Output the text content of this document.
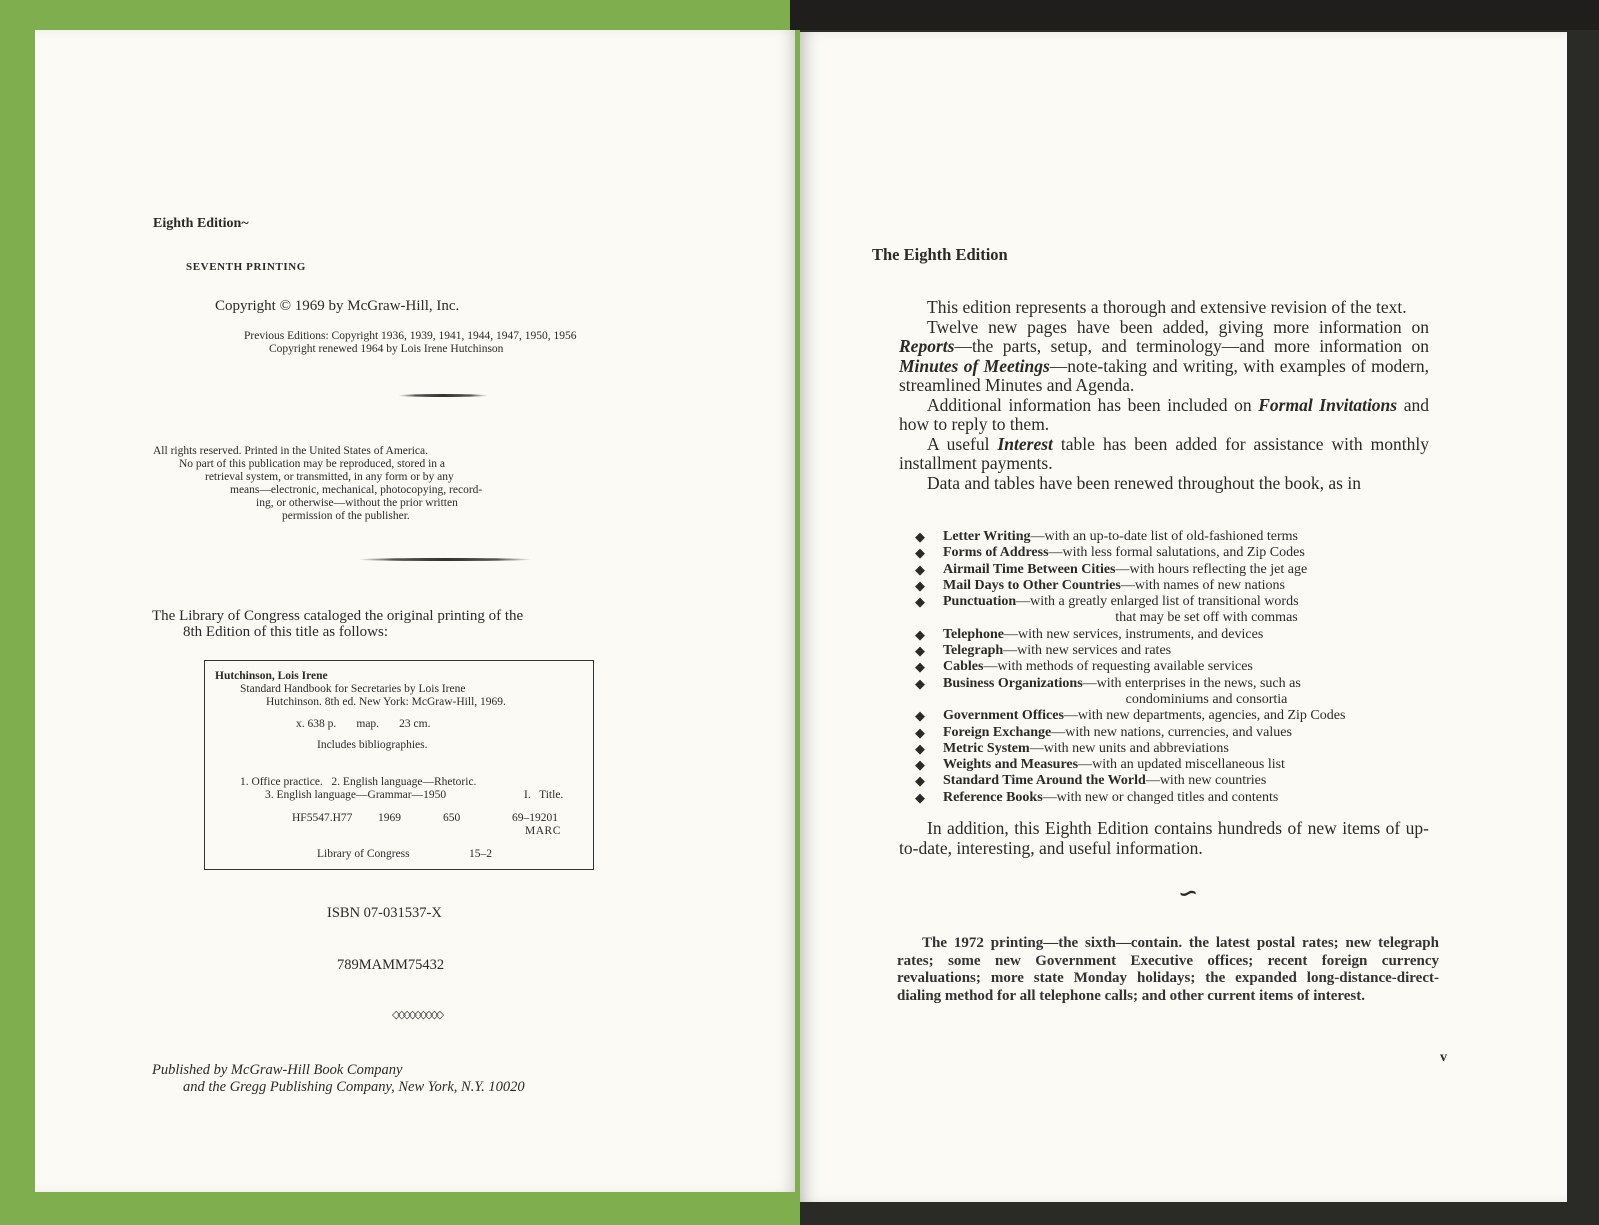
Eighth Edition~
SEVENTH PRINTING
Copyright © 1969 by McGraw-Hill, Inc.
Previous Editions: Copyright 1936, 1939, 1941, 1944, 1947, 1950, 1956
Copyright renewed 1964 by Lois Irene Hutchinson
All rights reserved. Printed in the United States of America.
No part of this publication may be reproduced, stored in a
retrieval system, or transmitted, in any form or by any
means—electronic, mechanical, photocopying, record-
ing, or otherwise—without the prior written
permission of the publisher.
The Library of Congress cataloged the original printing of the
8th Edition of this title as follows:
Hutchinson, Lois Irene
Standard Handbook for Secretaries by Lois Irene
Hutchinson. 8th ed. New York: McGraw-Hill, 1969.
x. 638 p.       map.       23 cm.
Includes bibliographies.
1. Office practice.   2. English language—Rhetoric.
3. English language—Grammar—1950	I.   Title.
HF5547.H77 1969	650	69–19201
MARC
Library of Congress	15–2
ISBN 07-031537-X
789MAMM75432
◇◇◇◇◇◇◇◇◇
Published by McGraw-Hill Book Company
and the Gregg Publishing Company, New York, N.Y. 10020
The Eighth Edition

This edition represents a thorough and extensive revision of the text.

Twelve new pages have been added, giving more information on Reports—the parts, setup, and terminology—and more information on Minutes of Meetings—note-taking and writing, with examples of modern, streamlined Minutes and Agenda.

Additional information has been included on Formal Invitations and how to reply to them.

A useful Interest table has been added for assistance with monthly installment payments.

Data and tables have been renewed throughout the book, as in

◆ Letter Writing—with an up-to-date list of old-fashioned terms
◆ Forms of Address—with less formal salutations, and Zip Codes
◆ Airmail Time Between Cities—with hours reflecting the jet age
◆ Mail Days to Other Countries—with names of new nations
◆ Punctuation—with a greatly enlarged list of transitional words
that may be set off with commas
◆ Telephone—with new services, instruments, and devices
◆ Telegraph—with new services and rates
◆ Cables—with methods of requesting available services
◆ Business Organizations—with enterprises in the news, such as
condominiums and consortia
◆ Government Offices—with new departments, agencies, and Zip Codes
◆ Foreign Exchange—with new nations, currencies, and values
◆ Metric System—with new units and abbreviations
◆ Weights and Measures—with an updated miscellaneous list
◆ Standard Time Around the World—with new countries
◆ Reference Books—with new or changed titles and contents

In addition, this Eighth Edition contains hundreds of new items of up-to-date, interesting, and useful information.

∽
The 1972 printing—the sixth—contain. the latest postal rates; new telegraph rates; some new Government Executive offices; recent foreign currency revaluations; more state Monday holidays; the expanded long-distance-direct-dialing method for all telephone calls; and other current items of interest.
v
